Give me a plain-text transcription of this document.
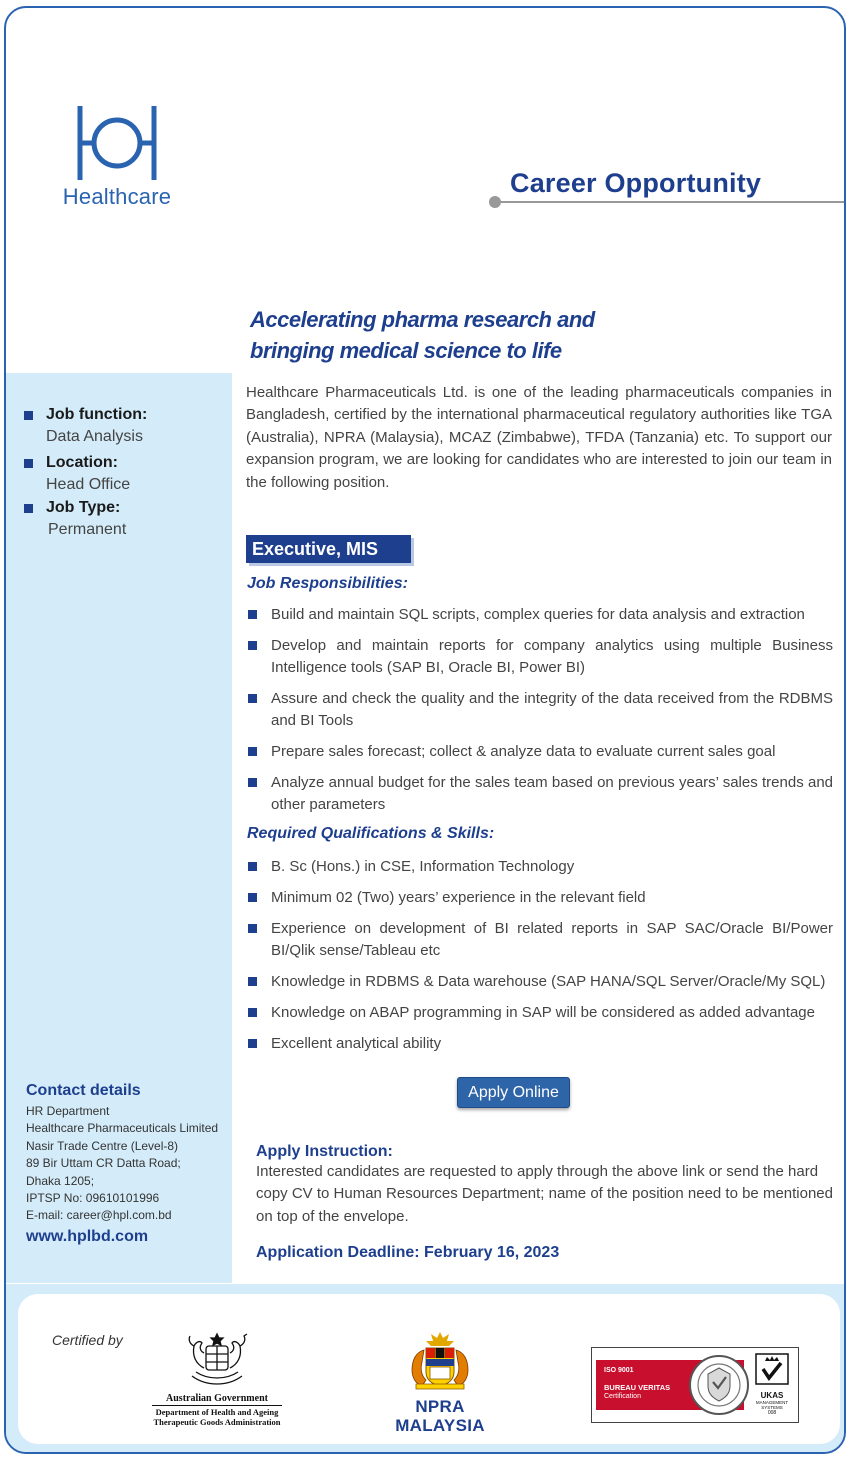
Healthcare	Career Opportunity
Accelerating pharma research and
bringing medical science to life
Job function:
Data Analysis
Location:
Head Office
Job Type:
Permanent
Contact details

HR Department

Healthcare Pharmaceuticals Limited

Nasir Trade Centre (Level-8)

89 Bir Uttam CR Datta Road;

Dhaka 1205;

IPTSP No: 09610101996

E-mail: career@hpl.com.bd

www.hplbd.com

Healthcare Pharmaceuticals Ltd. is one of the leading pharmaceuticals companies in Bangladesh, certified by the international pharmaceutical regulatory authorities like TGA (Australia), NPRA (Malaysia), MCAZ (Zimbabwe), TFDA (Tanzania) etc. To support our expansion program, we are looking for candidates who are interested to join our team in the following position.

Executive, MIS
Job Responsibilities:
Build and maintain SQL scripts, complex queries for data analysis and extraction
Develop and maintain reports for company analytics using multiple Business Intelligence tools (SAP BI, Oracle BI, Power BI)
Assure and check the quality and the integrity of the data received from the RDBMS and BI Tools
Prepare sales forecast; collect & analyze data to evaluate current sales goal
Analyze annual budget for the sales team based on previous years’ sales trends and other parameters
Required Qualifications & Skills:
B. Sc (Hons.) in CSE, Information Technology
Minimum 02 (Two) years’ experience in the relevant field
Experience on development of BI related reports in SAP SAC/Oracle BI/Power BI/Qlik sense/Tableau etc
Knowledge in RDBMS & Data warehouse (SAP HANA/SQL Server/Oracle/My SQL)
Knowledge on ABAP programming in SAP will be considered as added advantage
Excellent analytical ability
Apply Online
Apply Instruction:

Interested candidates are requested to apply through the above link or send the hard copy CV to Human Resources Department; name of the position need to be mentioned on top of the envelope.

Application Deadline: February 16, 2023
Certified by
Australian Government
Department of Health and Ageing
Therapeutic Goods Administration
NPRA
MALAYSIA
ISO 9001
BUREAU VERITAS
Certification	UKAS
MANAGEMENT
SYSTEMS
008
